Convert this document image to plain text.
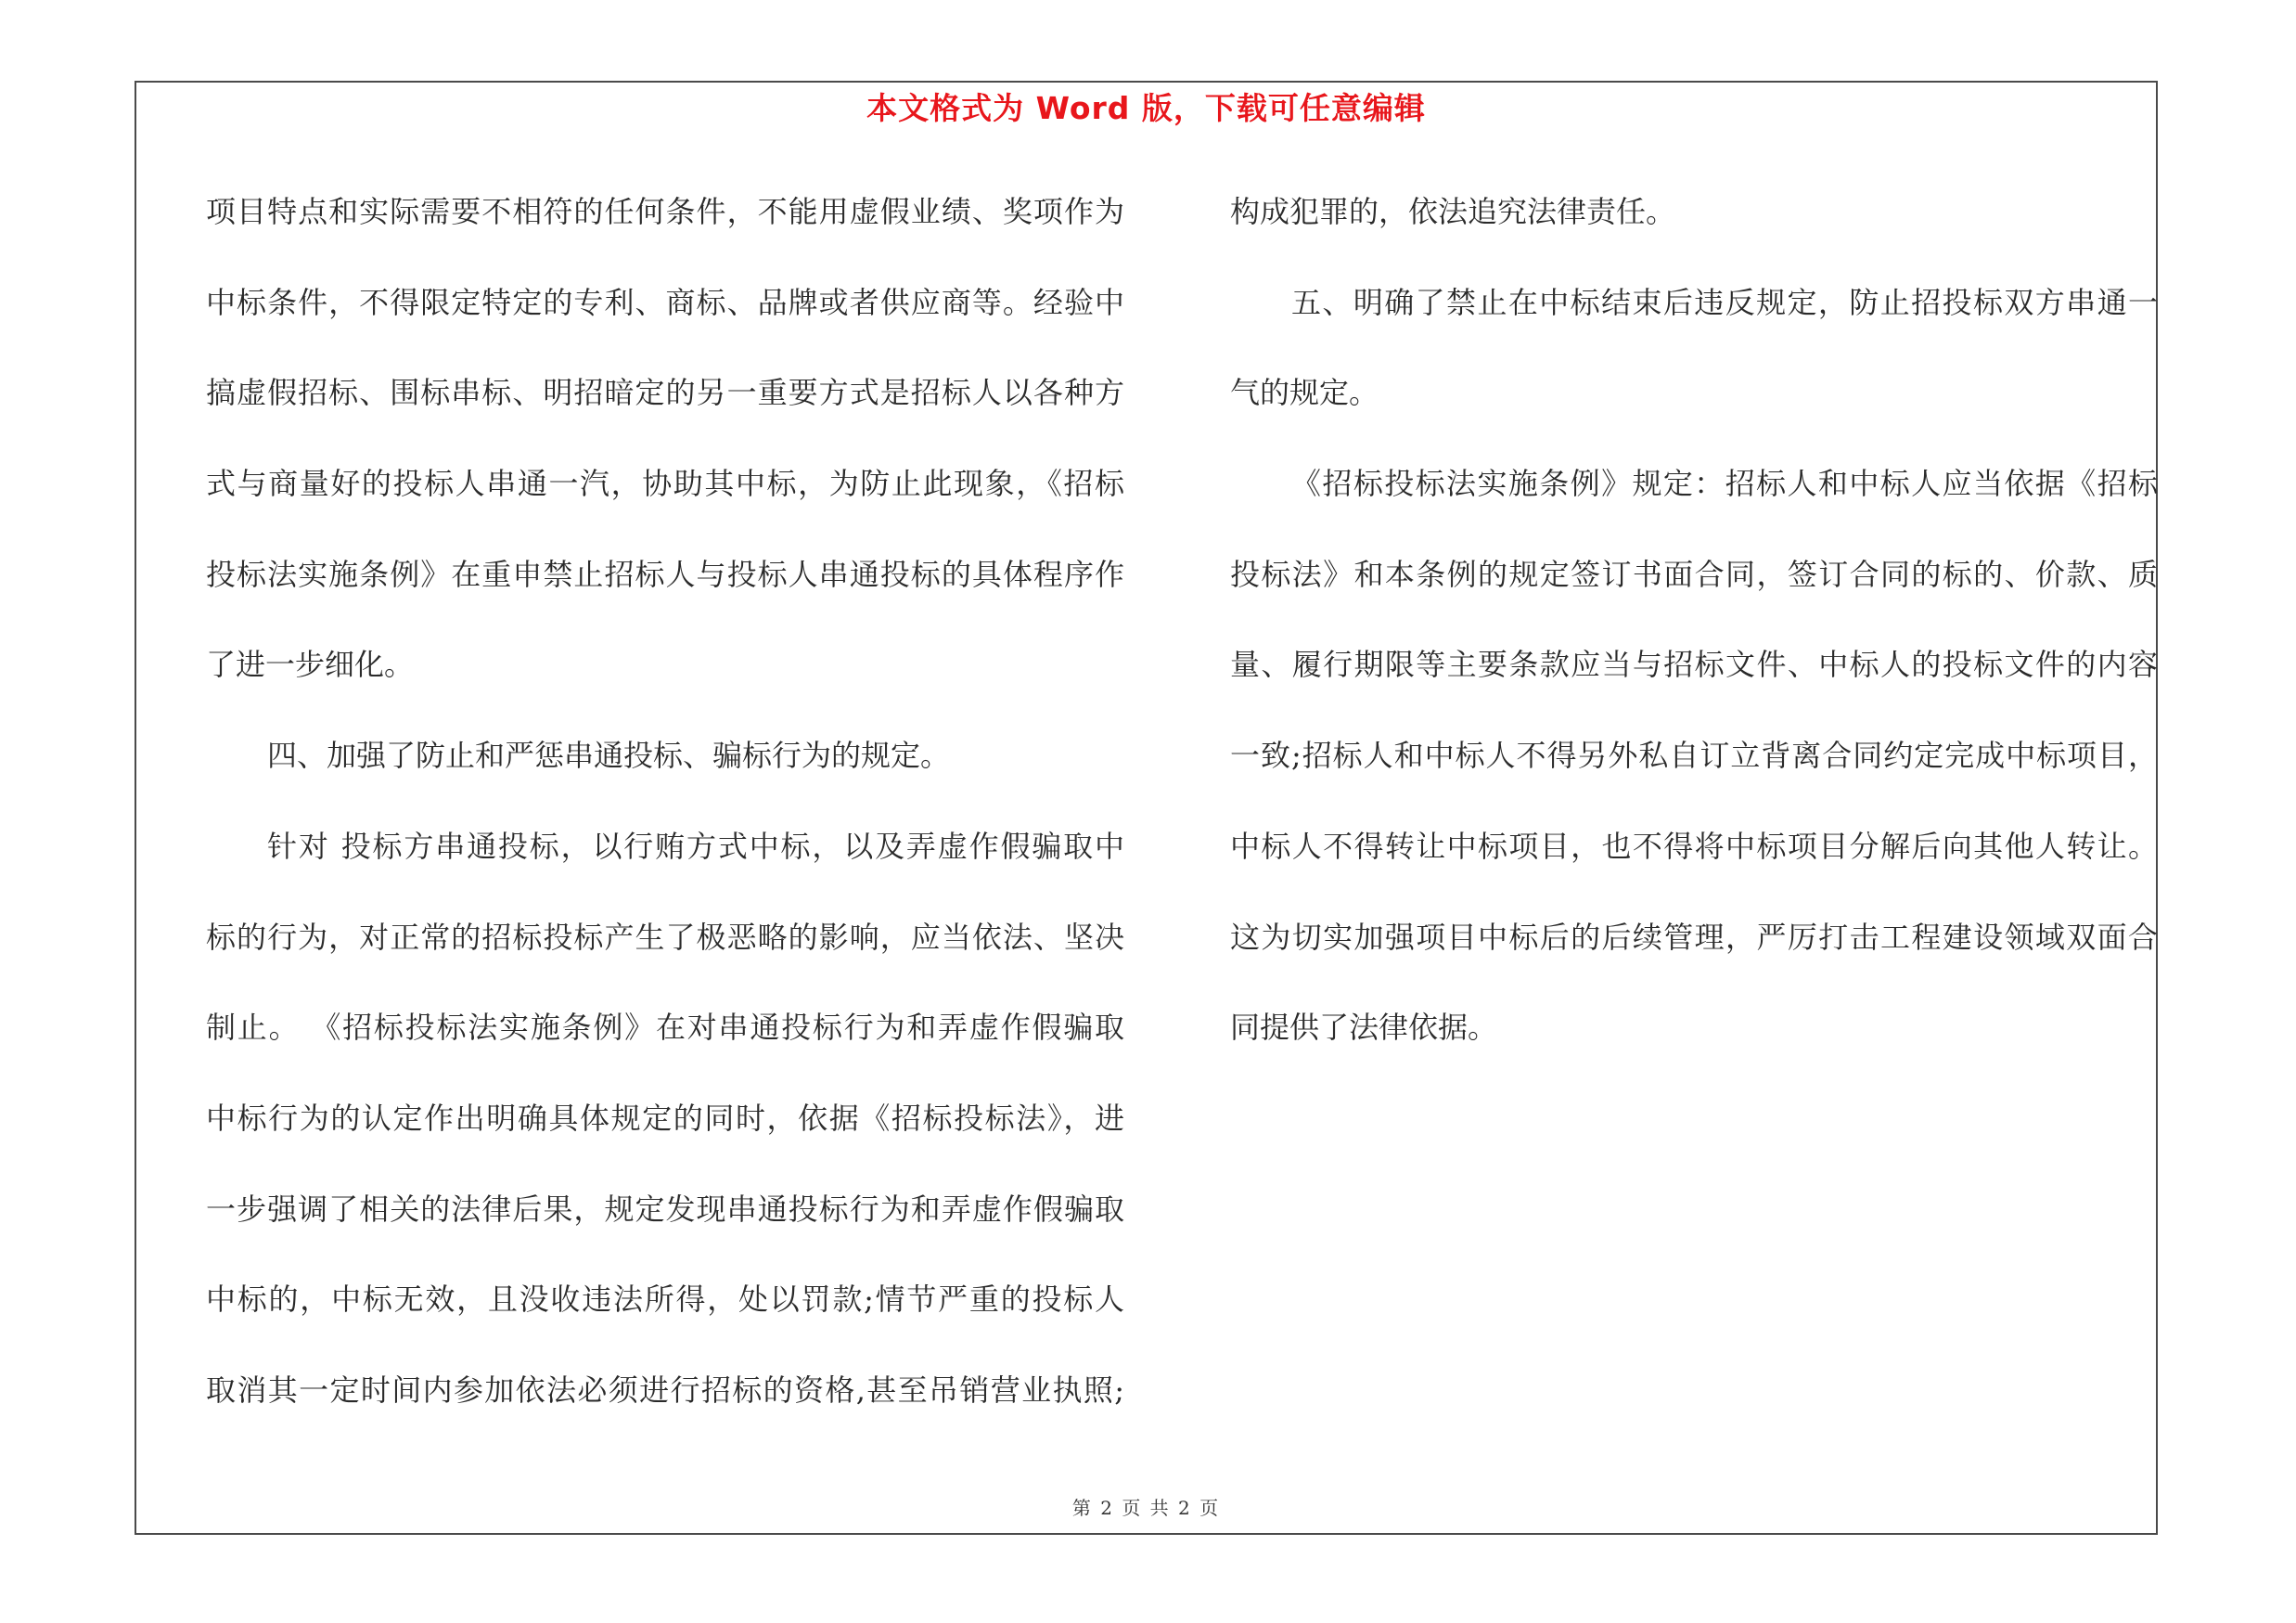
本文格式为 Word 版，下载可任意编辑
项目特点和实际需要不相符的任何条件，不能用虚假业绩、奖项作为
中标条件，不得限定特定的专利、商标、品牌或者供应商等。经验中
搞虚假招标、围标串标、明招暗定的另一重要方式是招标人以各种方
式与商量好的投标人串通一汽，协助其中标，为防止此现象，《招标
投标法实施条例》在重申禁止招标人与投标人串通投标的具体程序作
了进一步细化。
四、加强了防止和严惩串通投标、骗标行为的规定。
针对 投标方串通投标，以行贿方式中标，以及弄虚作假骗取中
标的行为，对正常的招标投标产生了极恶略的影响，应当依法、坚决
制止。 《招标投标法实施条例》在对串通投标行为和弄虚作假骗取
中标行为的认定作出明确具体规定的同时，依据《招标投标法》，进
一步强调了相关的法律后果，规定发现串通投标行为和弄虚作假骗取
中标的，中标无效，且没收违法所得，处以罚款;情节严重的投标人
取消其一定时间内参加依法必须进行招标的资格,甚至吊销营业执照;
构成犯罪的，依法追究法律责任。
五、明确了禁止在中标结束后违反规定，防止招投标双方串通一
气的规定。
《招标投标法实施条例》规定：招标人和中标人应当依据《招标
投标法》和本条例的规定签订书面合同，签订合同的标的、价款、质
量、履行期限等主要条款应当与招标文件、中标人的投标文件的内容
一致;招标人和中标人不得另外私自订立背离合同约定完成中标项目，
中标人不得转让中标项目，也不得将中标项目分解后向其他人转让。
这为切实加强项目中标后的后续管理，严厉打击工程建设领域双面合
同提供了法律依据。
第 2 页 共 2 页
